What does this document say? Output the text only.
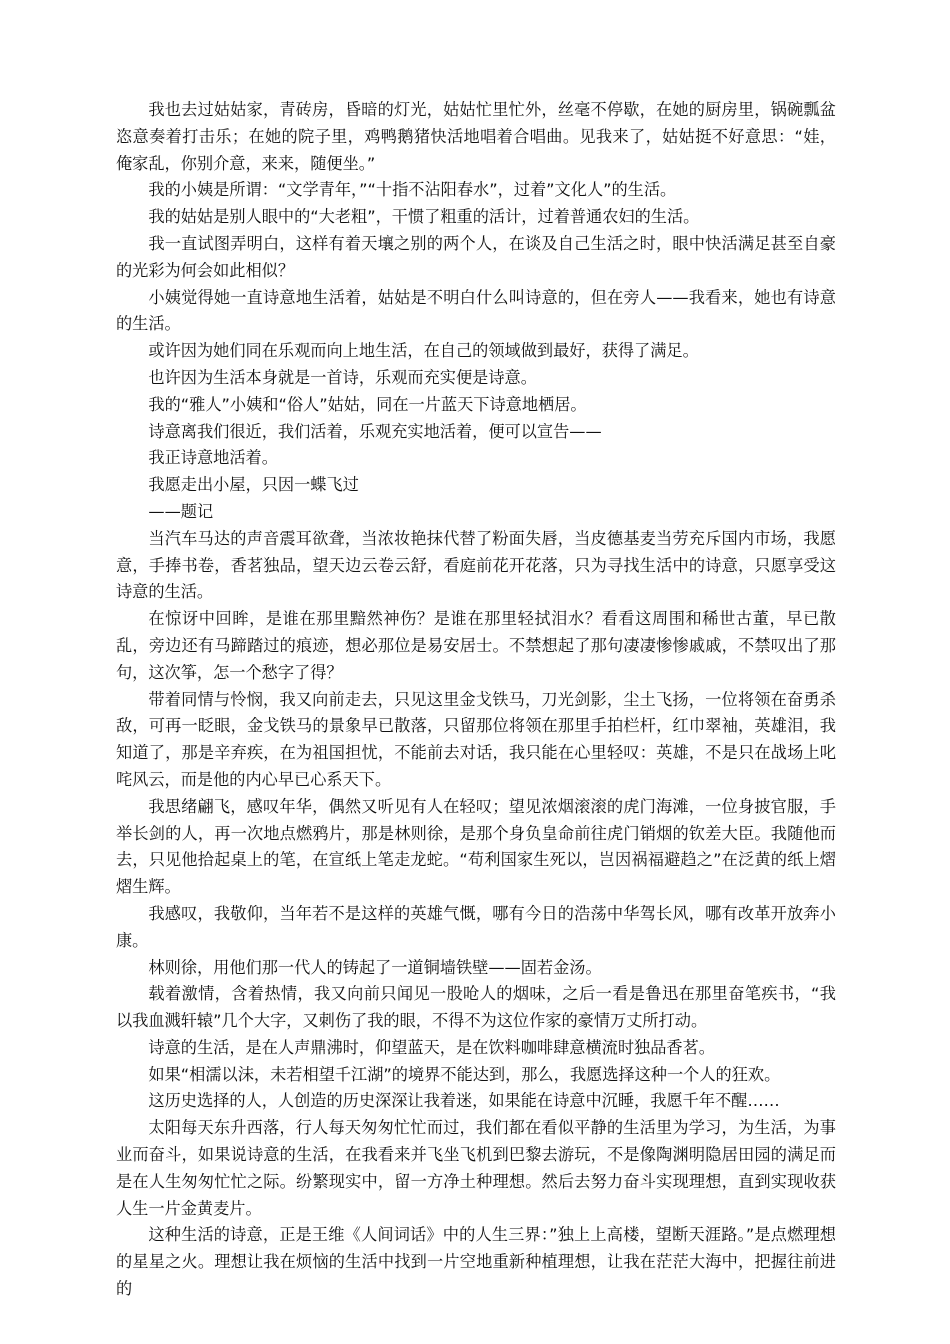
我也去过姑姑家，青砖房，昏暗的灯光，姑姑忙里忙外，丝毫不停歇，在她的厨房里，锅碗瓢盆恣意奏着打击乐；在她的院子里，鸡鸭鹅猪快活地唱着合唱曲。见我来了，姑姑挺不好意思：“娃，俺家乱，你别介意，来来，随便坐。”

我的小姨是所谓：“文学青年，”“十指不沾阳春水”，过着”文化人”的生活。

我的姑姑是别人眼中的“大老粗”，干惯了粗重的活计，过着普通农妇的生活。

我一直试图弄明白，这样有着天壤之别的两个人，在谈及自己生活之时，眼中快活满足甚至自豪的光彩为何会如此相似？

小姨觉得她一直诗意地生活着，姑姑是不明白什么叫诗意的，但在旁人——我看来，她也有诗意的生活。

或许因为她们同在乐观而向上地生活，在自己的领域做到最好，获得了满足。

也许因为生活本身就是一首诗，乐观而充实便是诗意。

我的“雅人”小姨和“俗人”姑姑，同在一片蓝天下诗意地栖居。

诗意离我们很近，我们活着，乐观充实地活着，便可以宣告——

我正诗意地活着。

我愿走出小屋，只因一蝶飞过

——题记

当汽车马达的声音震耳欲聋，当浓妆艳抹代替了粉面失唇，当皮德基麦当劳充斥国内市场，我愿意，手捧书卷，香茗独品，望天边云卷云舒，看庭前花开花落，只为寻找生活中的诗意，只愿享受这诗意的生活。

在惊讶中回眸，是谁在那里黯然神伤？是谁在那里轻拭泪水？看看这周围和稀世古董，早已散乱，旁边还有马蹄踏过的痕迹，想必那位是易安居士。不禁想起了那句凄凄惨惨戚戚，不禁叹出了那句，这次筝，怎一个愁字了得？

带着同情与怜悯，我又向前走去，只见这里金戈铁马，刀光剑影，尘土飞扬，一位将领在奋勇杀敌，可再一眨眼，金戈铁马的景象早已散落，只留那位将领在那里手拍栏杆，红巾翠袖，英雄泪，我知道了，那是辛弃疾，在为祖国担忧，不能前去对话，我只能在心里轻叹：英雄，不是只在战场上叱咤风云，而是他的内心早已心系天下。

我思绪翩飞，感叹年华，偶然又听见有人在轻叹；望见浓烟滚滚的虎门海滩，一位身披官服，手举长剑的人，再一次地点燃鸦片，那是林则徐，是那个身负皇命前往虎门销烟的钦差大臣。我随他而去，只见他拾起桌上的笔，在宣纸上笔走龙蛇。“苟利国家生死以，岂因祸福避趋之”在泛黄的纸上熠熠生辉。

我感叹，我敬仰，当年若不是这样的英雄气慨，哪有今日的浩荡中华驾长风，哪有改革开放奔小康。

林则徐，用他们那一代人的铸起了一道铜墙铁壁——固若金汤。

载着激情，含着热情，我又向前只闻见一股呛人的烟味，之后一看是鲁迅在那里奋笔疾书，“我以我血溅轩辕”几个大字，又刺伤了我的眼，不得不为这位作家的豪情万丈所打动。

诗意的生活，是在人声鼎沸时，仰望蓝天，是在饮料咖啡肆意横流时独品香茗。

如果“相濡以沫，未若相望千江湖”的境界不能达到，那么，我愿选择这种一个人的狂欢。

这历史选择的人，人创造的历史深深让我着迷，如果能在诗意中沉睡，我愿千年不醒……

太阳每天东升西落，行人每天匆匆忙忙而过，我们都在看似平静的生活里为学习，为生活，为事业而奋斗，如果说诗意的生活，在我看来并飞坐飞机到巴黎去游玩，不是像陶渊明隐居田园的满足而是在人生匆匆忙忙之际。纷繁现实中，留一方净土种理想。然后去努力奋斗实现理想，直到实现收获人生一片金黄麦片。

这种生活的诗意，正是王维《人间词话》中的人生三界：”独上上高楼，望断天涯路。”是点燃理想的星星之火。理想让我在烦恼的生活中找到一片空地重新种植理想，让我在茫茫大海中，把握往前进的
